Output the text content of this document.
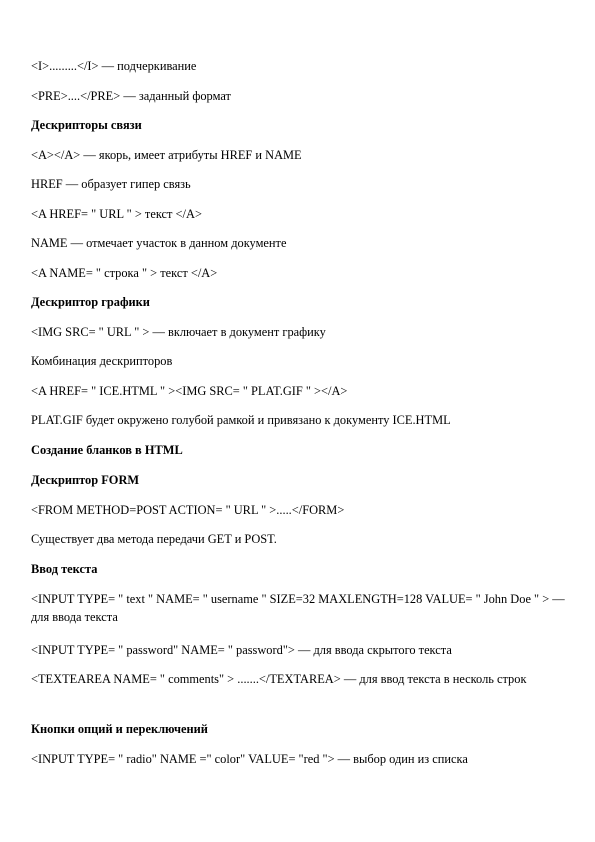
<I>.........</I> — подчеркивание
<PRE>....</PRE> — заданный формат
Дескрипторы связи
<A></A> — якорь, имеет атрибуты HREF и NAME
HREF — образует гипер связь
<A HREF= " URL " > текст </A>
NAME — отмечает участок в данном документе
<A NAME= " строка " > текст </A>
Дескриптор графики
<IMG SRC= " URL " > — включает в документ графику
Комбинация дескрипторов
<A HREF= " ICE.HTML " ><IMG SRC= " PLAT.GIF " ></A>
PLAT.GIF будет окружено голубой рамкой и привязано к документу ICE.HTML
Создание бланков в HTML
Дескриптор FORM
<FROM METHOD=POST ACTION= " URL " >.....</FORM>
Существует два метода передачи GET и POST.
Ввод текста
<INPUT TYPE= " text " NAME= " username " SIZE=32 MAXLENGTH=128 VALUE= " John Doe " > — для ввода текста
<INPUT TYPE= " password" NAME= " password"> — для ввода скрытого текста
<TEXTEAREA NAME= " comments" > .......</TEXTAREA> — для ввод текста в несколь строк
Кнопки опций и переключений
<INPUT TYPE= " radio" NAME =" color" VALUE= "red "> — выбор один из списка
